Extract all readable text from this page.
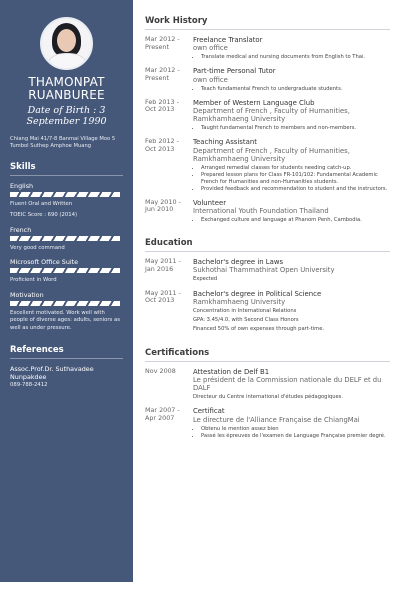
THAMONPAT
RUANBUREE
Date of Birth : 3
September 1990
Chiang Mai 41/7-8 Banmai Village Moo 5 Tumbol Suthep Amphoe Muang
Skills
English
Fluent Oral and Written
TOEIC Score : 690 (2014)
French
Very good command
Microsoft Office Suite
Proficient in Word
Motivation
Excellent motivated. Work well with people of diverse ages: adults, seniors as well as under pressure.
References
Assoc.Prof.Dr. Suthavadee Nunpakdee
089-788-2412
Work History
Mar 2012 -
Present
Freelance Translator
own office
• Translate medical and nursing documents from English to Thai.
Mar 2012 -
Present
Part-time Personal Tutor
own office
• Teach fundamental French to undergraduate students.
Feb 2013 -
Oct 2013
Member of Western Language Club
Department of French , Faculty of Humanities, Ramkhamhaeng University
• Taught fundamental French to members and non-members.
Feb 2012 -
Oct 2013
Teaching Assistant
Department of French , Faculty of Humanities, Ramkhamhaeng University
• Arranged remedial classes for students needing catch-up.
• Prepared lesson plans for Class FR-101/102: Fundamental Academic French for Humanities and non-Humanities students.
• Provided feedback and recommendation to student and the instructors.
May 2010 -
Jun 2010
Volunteer
International Youth Foundation Thailand
• Exchanged culture and language at Phanom Penh, Cambodia.
Education
May 2011 -
Jan 2016
Bachelor's degree in Laws
Sukhothai Thammathirat Open University
Expected
May 2011 -
Oct 2013
Bachelor's degree in Political Science
Ramkhamhaeng University
Concentration in International Relations
GPA: 3.45/4.0, with Second Class Honors
Financed 50% of own expenses through part-time.
Certifications
Nov 2008	Attestation de Delf B1
Le président de la Commission nationale du DELF et du DALF
Directeur du Centre international d'études pédagogiques.
Mar 2007 -
Apr 2007
Certificat
Le directure de l'Alliance Française de ChiangMai
• Obtenu le mention assez bien
• Passé les épreuves de l'examen de Language Française premier degré.
